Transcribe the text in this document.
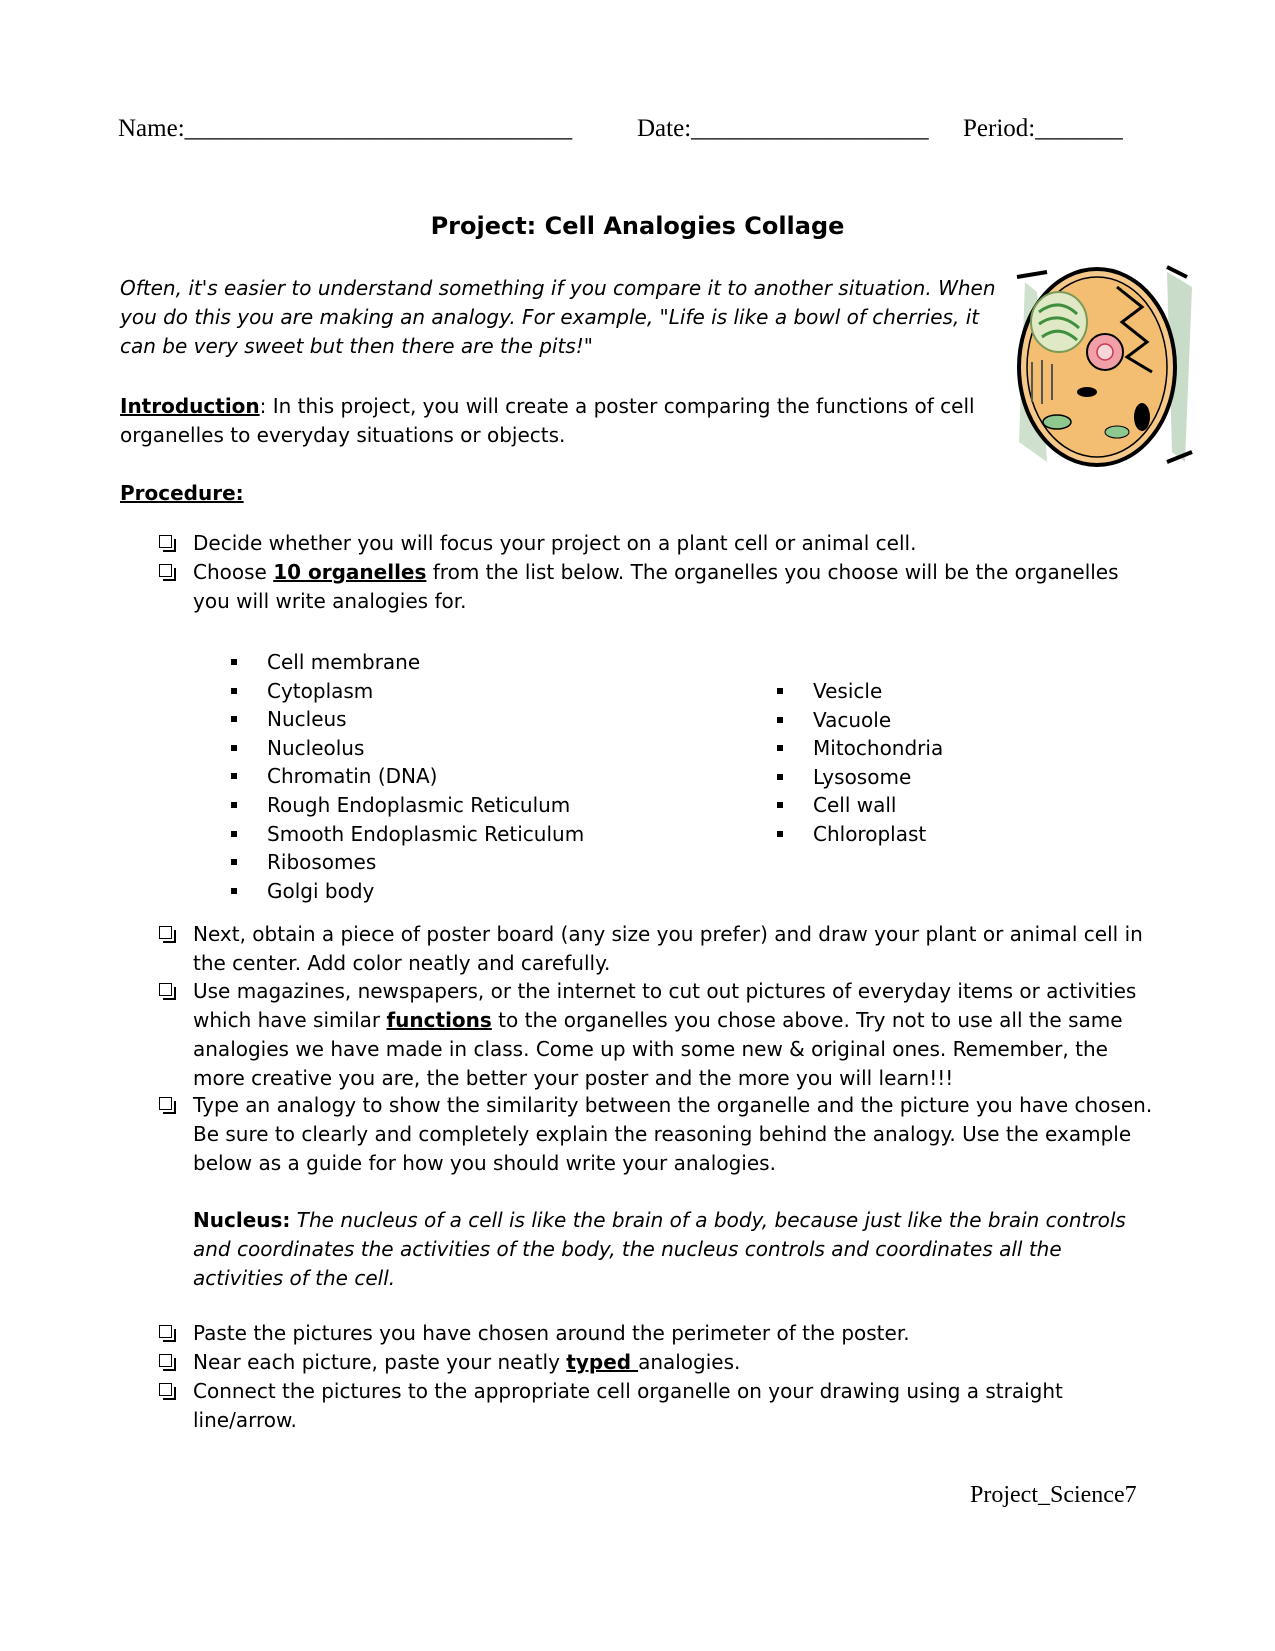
Name:_______________________________	Date:___________________ Period:_______
Project: Cell Analogies Collage
Often, it's easier to understand something if you compare it to another situation. When you do this you are making an analogy. For example, "Life is like a bowl of cherries, it can be very sweet but then there are the pits!"
Introduction: In this project, you will create a poster comparing the functions of cell organelles to everyday situations or objects.
Procedure:
Decide whether you will focus your project on a plant cell or animal cell.
Choose 10 organelles from the list below. The organelles you choose will be the organelles you will write analogies for.
Cell membrane
Cytoplasm
Nucleus
Nucleolus
Chromatin (DNA)
Rough Endoplasmic Reticulum
Smooth Endoplasmic Reticulum
Ribosomes
Golgi body
Vesicle
Vacuole
Mitochondria
Lysosome
Cell wall
Chloroplast
Next, obtain a piece of poster board (any size you prefer) and draw your plant or animal cell in the center. Add color neatly and carefully.
Use magazines, newspapers, or the internet to cut out pictures of everyday items or activities which have similar functions to the organelles you chose above. Try not to use all the same analogies we have made in class. Come up with some new & original ones. Remember, the more creative you are, the better your poster and the more you will learn!!!
Type an analogy to show the similarity between the organelle and the picture you have chosen. Be sure to clearly and completely explain the reasoning behind the analogy. Use the example below as a guide for how you should write your analogies.
Nucleus: The nucleus of a cell is like the brain of a body, because just like the brain controls and coordinates the activities of the body, the nucleus controls and coordinates all the activities of the cell.
Paste the pictures you have chosen around the perimeter of the poster.
Near each picture, paste your neatly typed analogies.
Connect the pictures to the appropriate cell organelle on your drawing using a straight line/arrow.
Project_Science7
